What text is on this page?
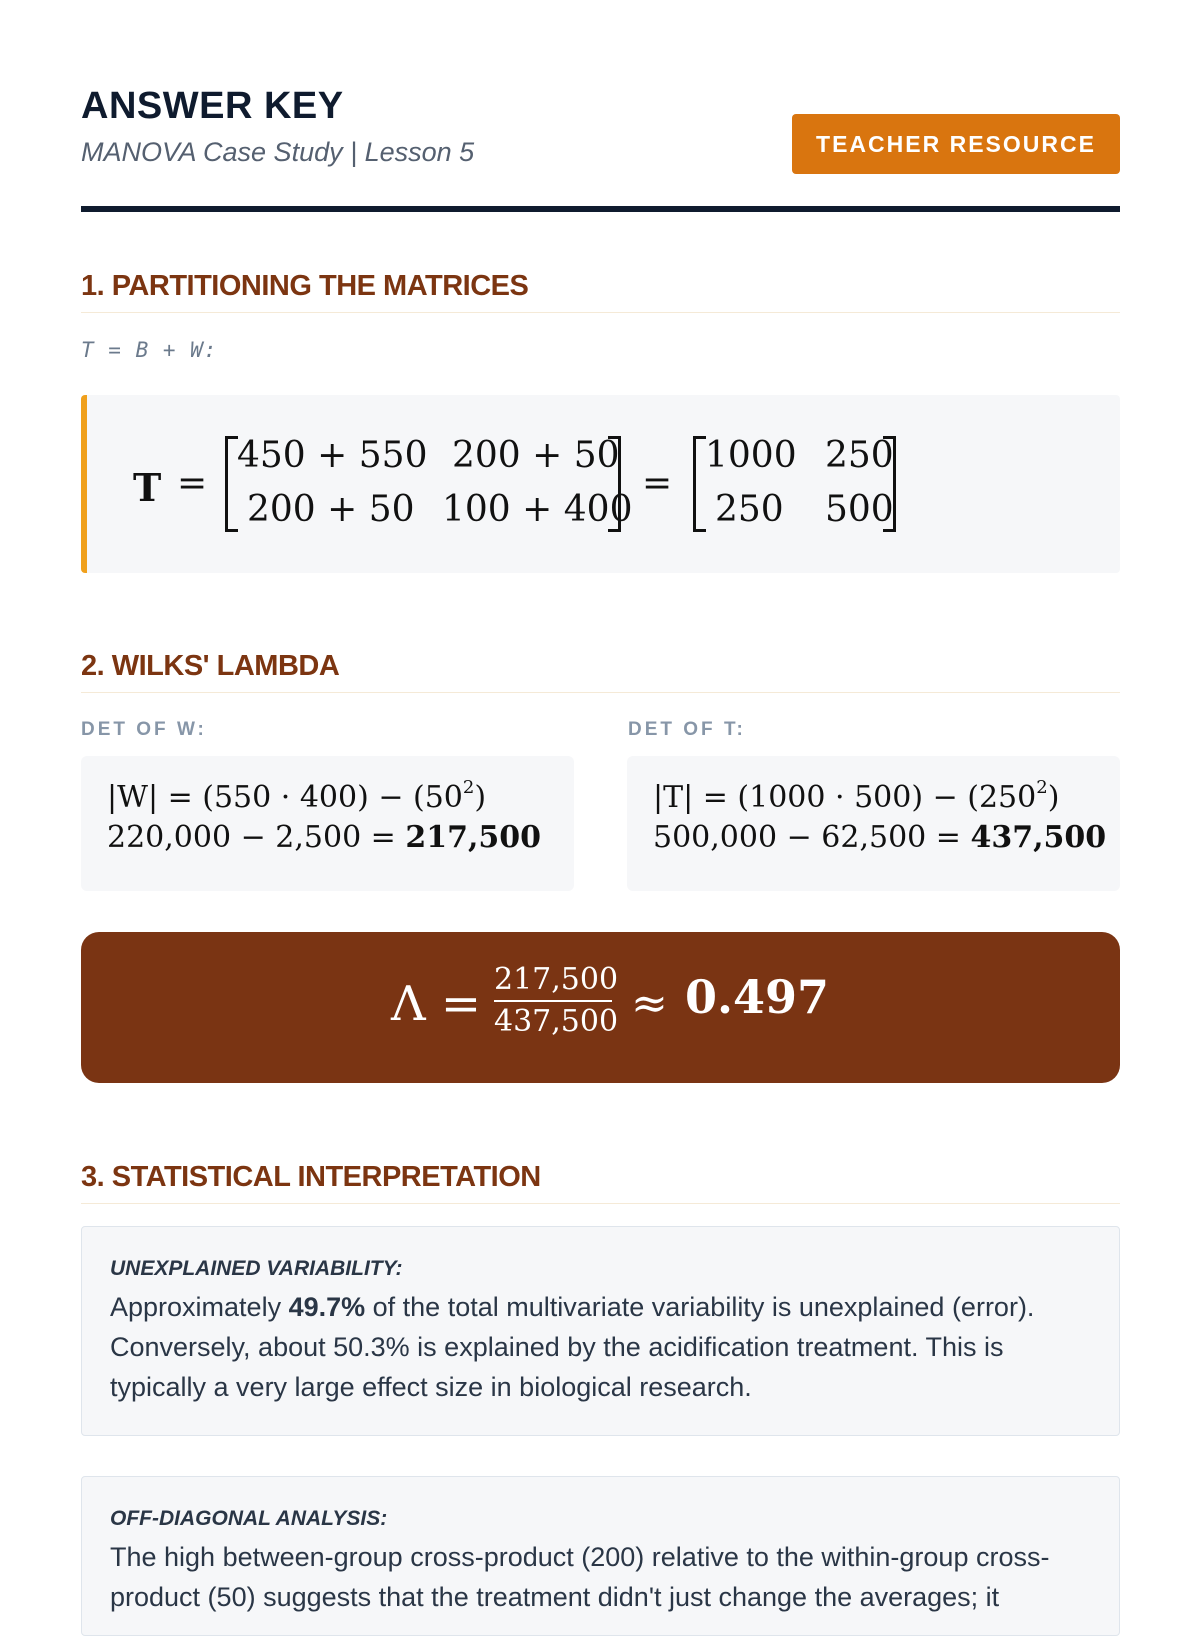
ANSWER KEY
MANOVA Case Study | Lesson 5	TEACHER RESOURCE
1. PARTITIONING THE MATRICES
T = B + W:
T =
450 + 550 200 + 50
200 + 50 100 + 400
=
1000 250
250 500
2. WILKS' LAMBDA
DET OF W:	DET OF T:
$|W| = (550 \cdot 400) - (50^2)$
220,000 − 2,500 = 217,500
$|T| = (1000 \cdot 500) - (250^2)$
500,000 − 62,500 = 437,500
Λ = 217,500
437,500 ≈ 0.497
3. STATISTICAL INTERPRETATION
UNEXPLAINED VARIABILITY:

Approximately 49.7% of the total multivariate variability is unexplained (error). Conversely, about 50.3% is explained by the acidification treatment. This is typically a very large effect size in biological research.

OFF-DIAGONAL ANALYSIS:

The high between-group cross-product (200) relative to the within-group cross-product (50) suggests that the treatment didn't just change the averages; it
